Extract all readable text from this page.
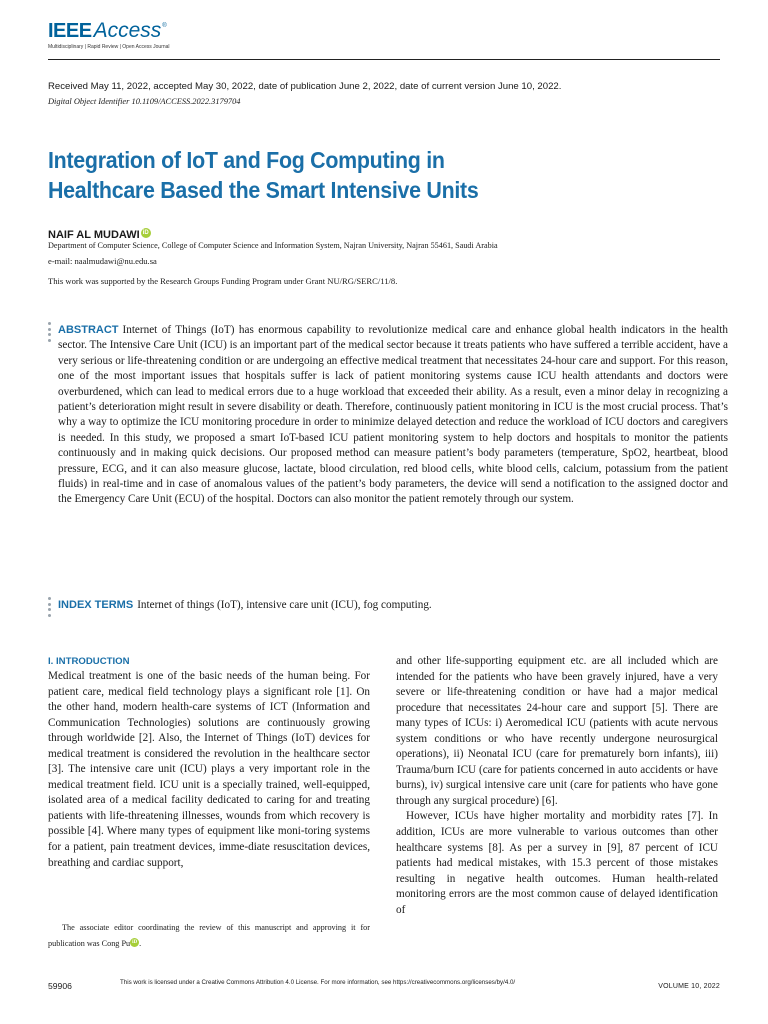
IEEE Access ®
Multidisciplinary | Rapid Review | Open Access Journal
Received May 11, 2022, accepted May 30, 2022, date of publication June 2, 2022, date of current version June 10, 2022.
Digital Object Identifier 10.1109/ACCESS.2022.3179704
Integration of IoT and Fog Computing in
Healthcare Based the Smart Intensive Units
NAIF AL MUDAWI iD
Department of Computer Science, College of Computer Science and Information System, Najran University, Najran 55461, Saudi Arabia
e-mail: naalmudawi@nu.edu.sa
This work was supported by the Research Groups Funding Program under Grant NU/RG/SERC/11/8.
ABSTRACT Internet of Things (IoT) has enormous capability to revolutionize medical care and enhance global health indicators in the health sector. The Intensive Care Unit (ICU) is an important part of the medical sector because it treats patients who have suffered a terrible accident, have a very serious or life-threatening condition or are undergoing an effective medical treatment that necessitates 24-hour care and support. For this reason, one of the most important issues that hospitals suffer is lack of patient monitoring systems cause ICU health attendants and doctors were overburdened, which can lead to medical errors due to a huge workload that exceeded their ability. As a result, even a minor delay in recognizing a patient’s deterioration might result in severe disability or death. Therefore, continuously patient monitoring in ICU is the most crucial process. That’s why a way to optimize the ICU monitoring procedure in order to minimize delayed detection and reduce the workload of ICU doctors and caregivers is needed. In this study, we proposed a smart IoT-based ICU patient monitoring system to help doctors and hospitals to monitor the patients continuously and in making quick decisions. Our proposed method can measure patient’s body parameters (temperature, SpO2, heartbeat, blood pressure, ECG, and it can also measure glucose, lactate, blood circulation, red blood cells, white blood cells, calcium, potassium from the patient fluids) in real-time and in case of anomalous values of the patient’s body parameters, the device will send a notification to the assigned doctor and the Emergency Care Unit (ECU) of the hospital. Doctors can also monitor the patient remotely through our system.
INDEX TERMS Internet of things (IoT), intensive care unit (ICU), fog computing.
I. INTRODUCTION

Medical treatment is one of the basic needs of the human being. For patient care, medical field technology plays a significant role [1]. On the other hand, modern health-care systems of ICT (Information and Communication Technologies) solutions are continuously growing through worldwide [2]. Also, the Internet of Things (IoT) devices for medical treatment is considered the revolution in the healthcare sector [3]. The intensive care unit (ICU) plays a very important role in the medical treatment field. ICU unit is a specially trained, well-equipped, isolated area of a medical facility dedicated to caring for and treating patients with life-threatening illnesses, wounds from which recovery is possible [4]. Where many types of equipment like moni-toring systems for a patient, pain treatment devices, imme-diate resuscitation devices, breathing and cardiac support,

and other life-supporting equipment etc. are all included which are intended for the patients who have been gravely injured, have a very severe or life-threatening condition or have had a major medical procedure that necessitates 24-hour care and support [5]. There are many types of ICUs: i) Aeromedical ICU (patients with acute nervous system conditions or who have recently undergone neurosurgical operations), ii) Neonatal ICU (care for prematurely born infants), iii) Trauma/burn ICU (care for patients concerned in auto accidents or have burns), iv) surgical intensive care unit (care for patients who have gone through any surgical procedure) [6].

However, ICUs have higher mortality and morbidity rates [7]. In addition, ICUs are more vulnerable to various outcomes than other healthcare systems [8]. As per a survey in [9], 87 percent of ICU patients had medical mistakes, with 15.3 percent of those mistakes resulting in negative health outcomes. Human health-related monitoring errors are the most common cause of delayed identification of

The associate editor coordinating the review of this manuscript and approving it for publication was Cong Pu iD .
59906	This work is licensed under a Creative Commons Attribution 4.0 License. For more information, see https://creativecommons.org/licenses/by/4.0/
VOLUME 10, 2022
